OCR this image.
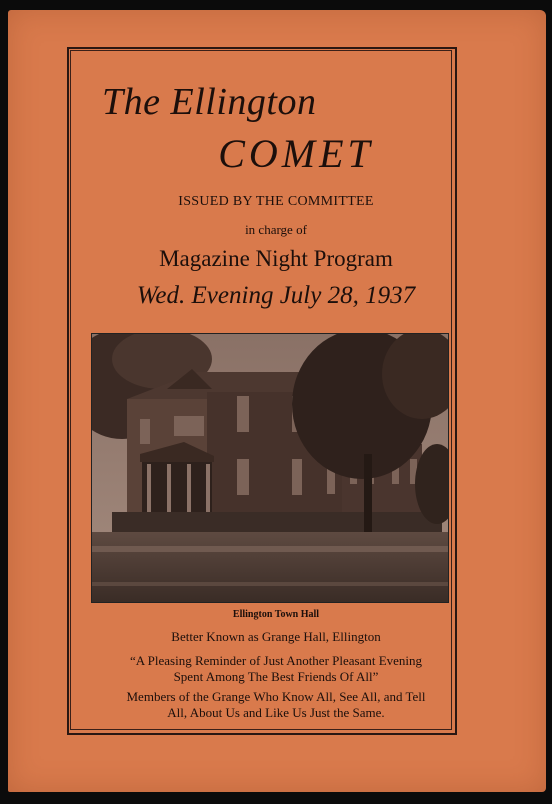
The Ellington

COMET

ISSUED BY THE COMMITTEE

in charge of

Magazine Night Program

Wed. Evening July 28, 1937

Ellington Town Hall

Better Known as Grange Hall, Ellington

“A Pleasing Reminder of Just Another Pleasant Evening
Spent Among The Best Friends Of All”

Members of the Grange Who Know All, See All, and Tell
All, About Us and Like Us Just the Same.
